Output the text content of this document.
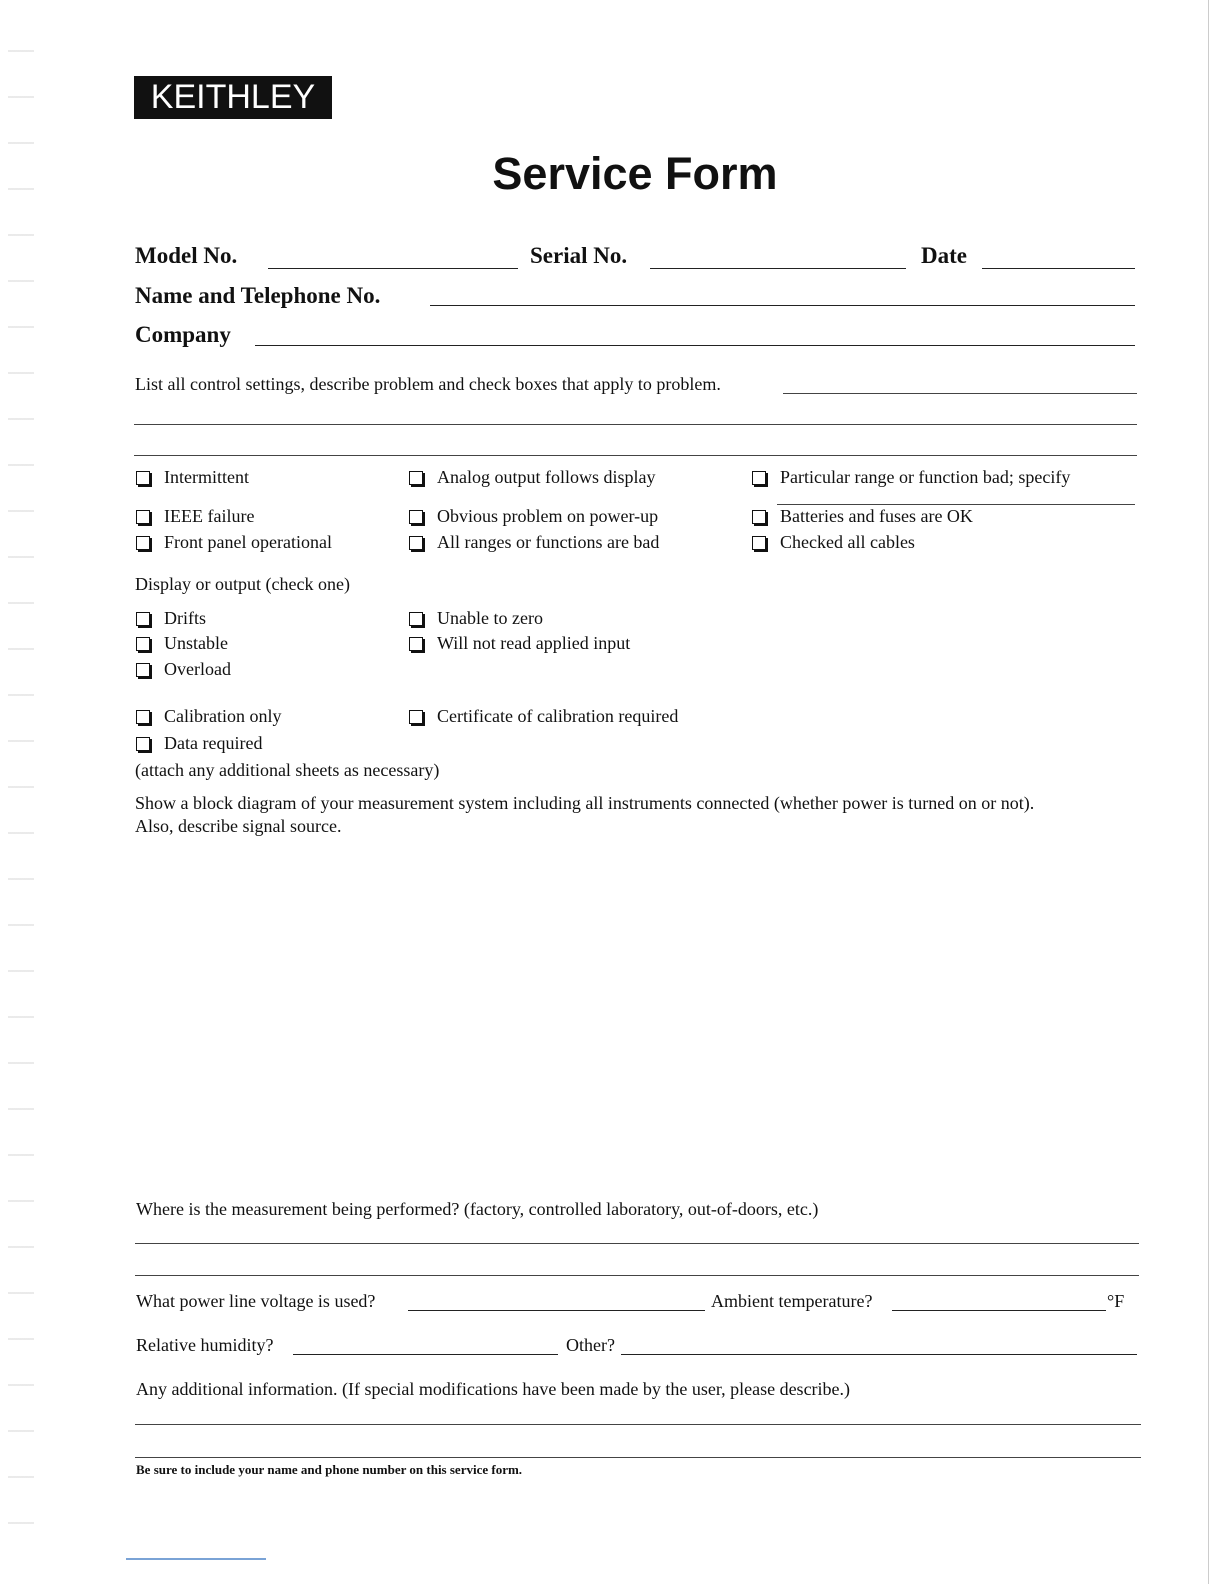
KEITHLEY
Service Form
Model No.	Serial No.	Date
Name and Telephone No.
Company
List all control settings, describe problem and check boxes that apply to problem.
Intermittent	Analog output follows display	Particular range or function bad; specify
IEEE failure	Obvious problem on power-up	Batteries and fuses are OK
Front panel operational	All ranges or functions are bad	Checked all cables
Display or output (check one)
Drifts	Unable to zero
Unstable	Will not read applied input
Overload
Calibration only	Certificate of calibration required
Data required
(attach any additional sheets as necessary)
Show a block diagram of your measurement system including all instruments connected (whether power is turned on or not).
Also, describe signal source.
Where is the measurement being performed? (factory, controlled laboratory, out-of-doors, etc.)
What power line voltage is used?	Ambient temperature?	°F
Relative humidity?	Other?
Any additional information. (If special modifications have been made by the user, please describe.)
Be sure to include your name and phone number on this service form.
